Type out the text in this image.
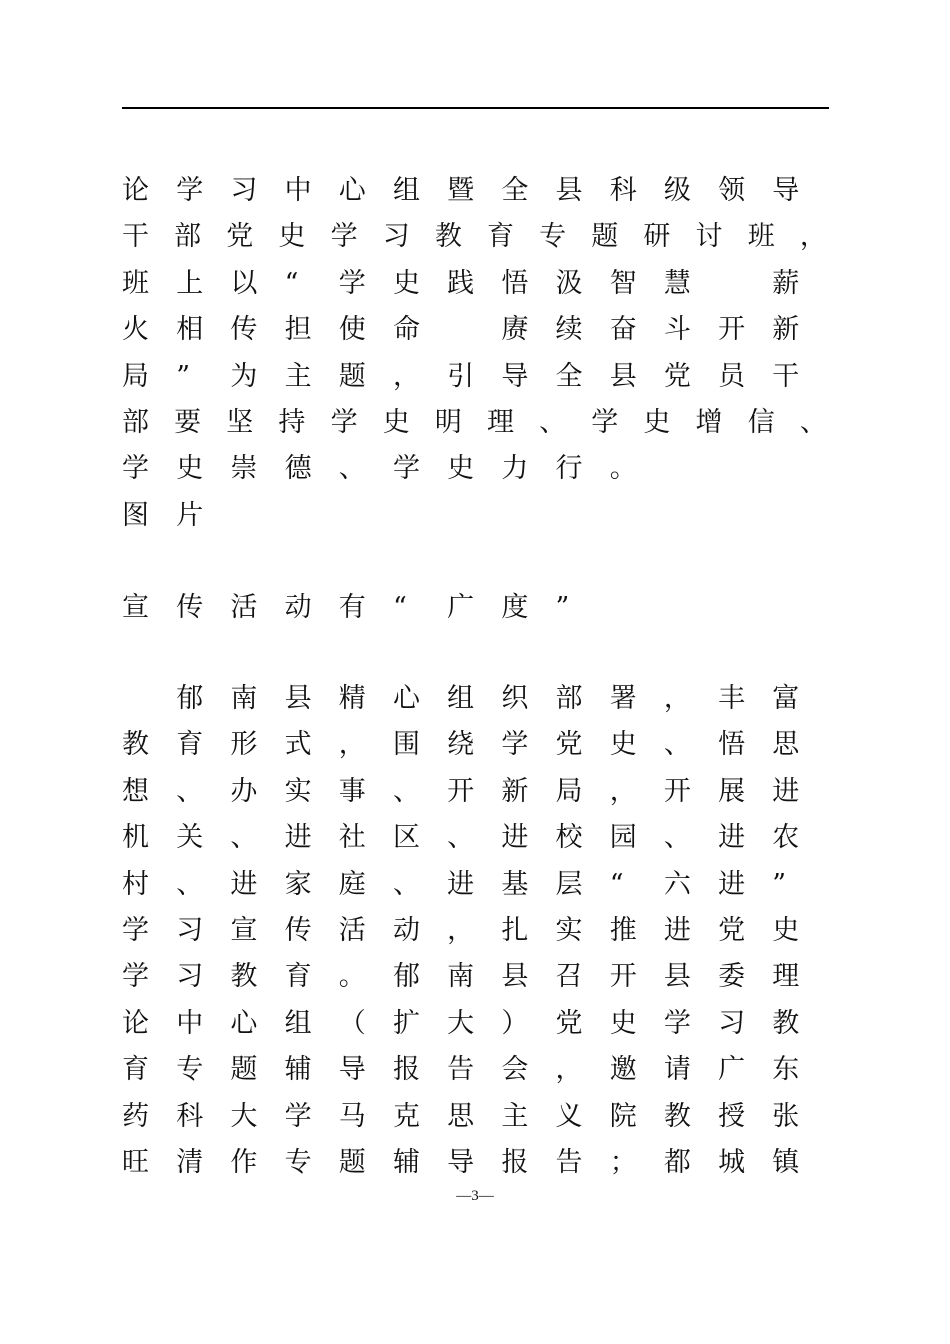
论	学	习	中	心	组	暨	全	县	科	级	领	导
干 部 党 史 学 习 教 育 专 题 研 讨 班 ，
班	上	以	“	学	史	践	悟	汲	智	慧	薪
火	相	传	担	使	命	赓	续	奋	斗	开	新
局	”	为	主	题	，	引	导	全	县	党	员	干
部 要 坚 持 学 史 明 理 、 学 史 增 信 、
学	史	崇	德	、	学	史	力	行	。
图	片
宣	传	活	动	有	“	广	度	”
郁	南	县	精	心	组	织	部	署	，	丰	富
教	育	形	式	，	围	绕	学	党	史	、	悟	思
想	、	办	实	事	、	开	新	局	，	开	展	进
机	关	、	进	社	区	、	进	校	园	、	进	农
村	、	进	家	庭	、	进	基	层	“	六	进	”
学	习	宣	传	活	动	，	扎	实	推	进	党	史
学	习	教	育	。	郁	南	县	召	开	县	委	理
论	中	心	组	（	扩	大	）	党	史	学	习	教
育	专	题	辅	导	报	告	会	，	邀	请	广	东
药	科	大	学	马	克	思	主	义	院	教	授	张
旺	清	作	专	题	辅	导	报	告	；	都	城	镇
—3—
